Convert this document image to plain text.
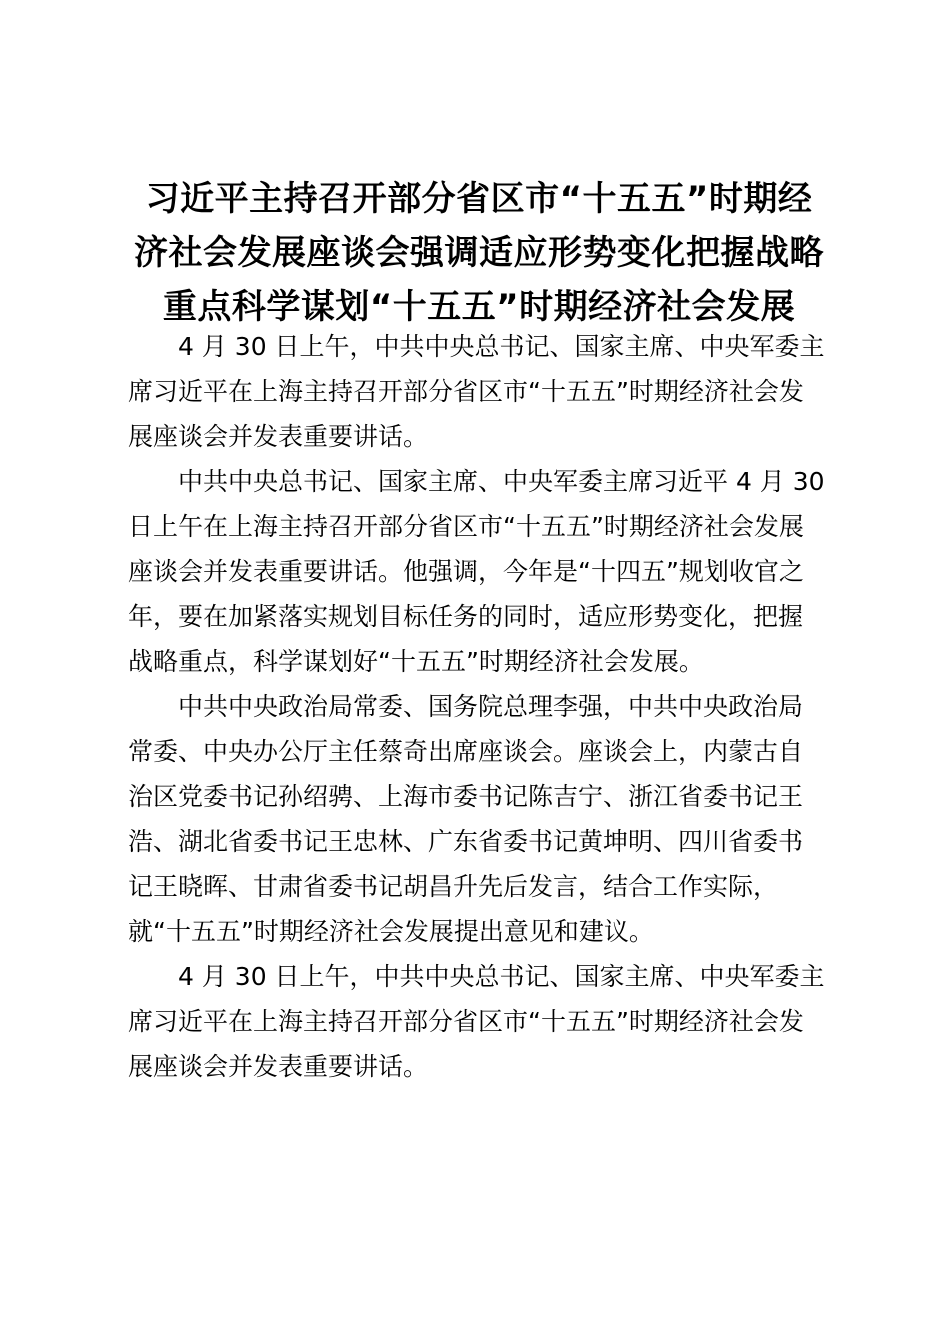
习近平主持召开部分省区市“十五五”时期经
济社会发展座谈会强调适应形势变化把握战略
重点科学谋划“十五五”时期经济社会发展

4 月 30 日上午，中共中央总书记、国家主席、中央军委主
席习近平在上海主持召开部分省区市“十五五”时期经济社会发
展座谈会并发表重要讲话。

中共中央总书记、国家主席、中央军委主席习近平 4 月 30
日上午在上海主持召开部分省区市“十五五”时期经济社会发展
座谈会并发表重要讲话。他强调，今年是“十四五”规划收官之
年，要在加紧落实规划目标任务的同时，适应形势变化，把握
战略重点，科学谋划好“十五五”时期经济社会发展。

中共中央政治局常委、国务院总理李强，中共中央政治局
常委、中央办公厅主任蔡奇出席座谈会。座谈会上，内蒙古自
治区党委书记孙绍骋、上海市委书记陈吉宁、浙江省委书记王
浩、湖北省委书记王忠林、广东省委书记黄坤明、四川省委书
记王晓晖、甘肃省委书记胡昌升先后发言，结合工作实际，
就“十五五”时期经济社会发展提出意见和建议。

4 月 30 日上午，中共中央总书记、国家主席、中央军委主
席习近平在上海主持召开部分省区市“十五五”时期经济社会发
展座谈会并发表重要讲话。
